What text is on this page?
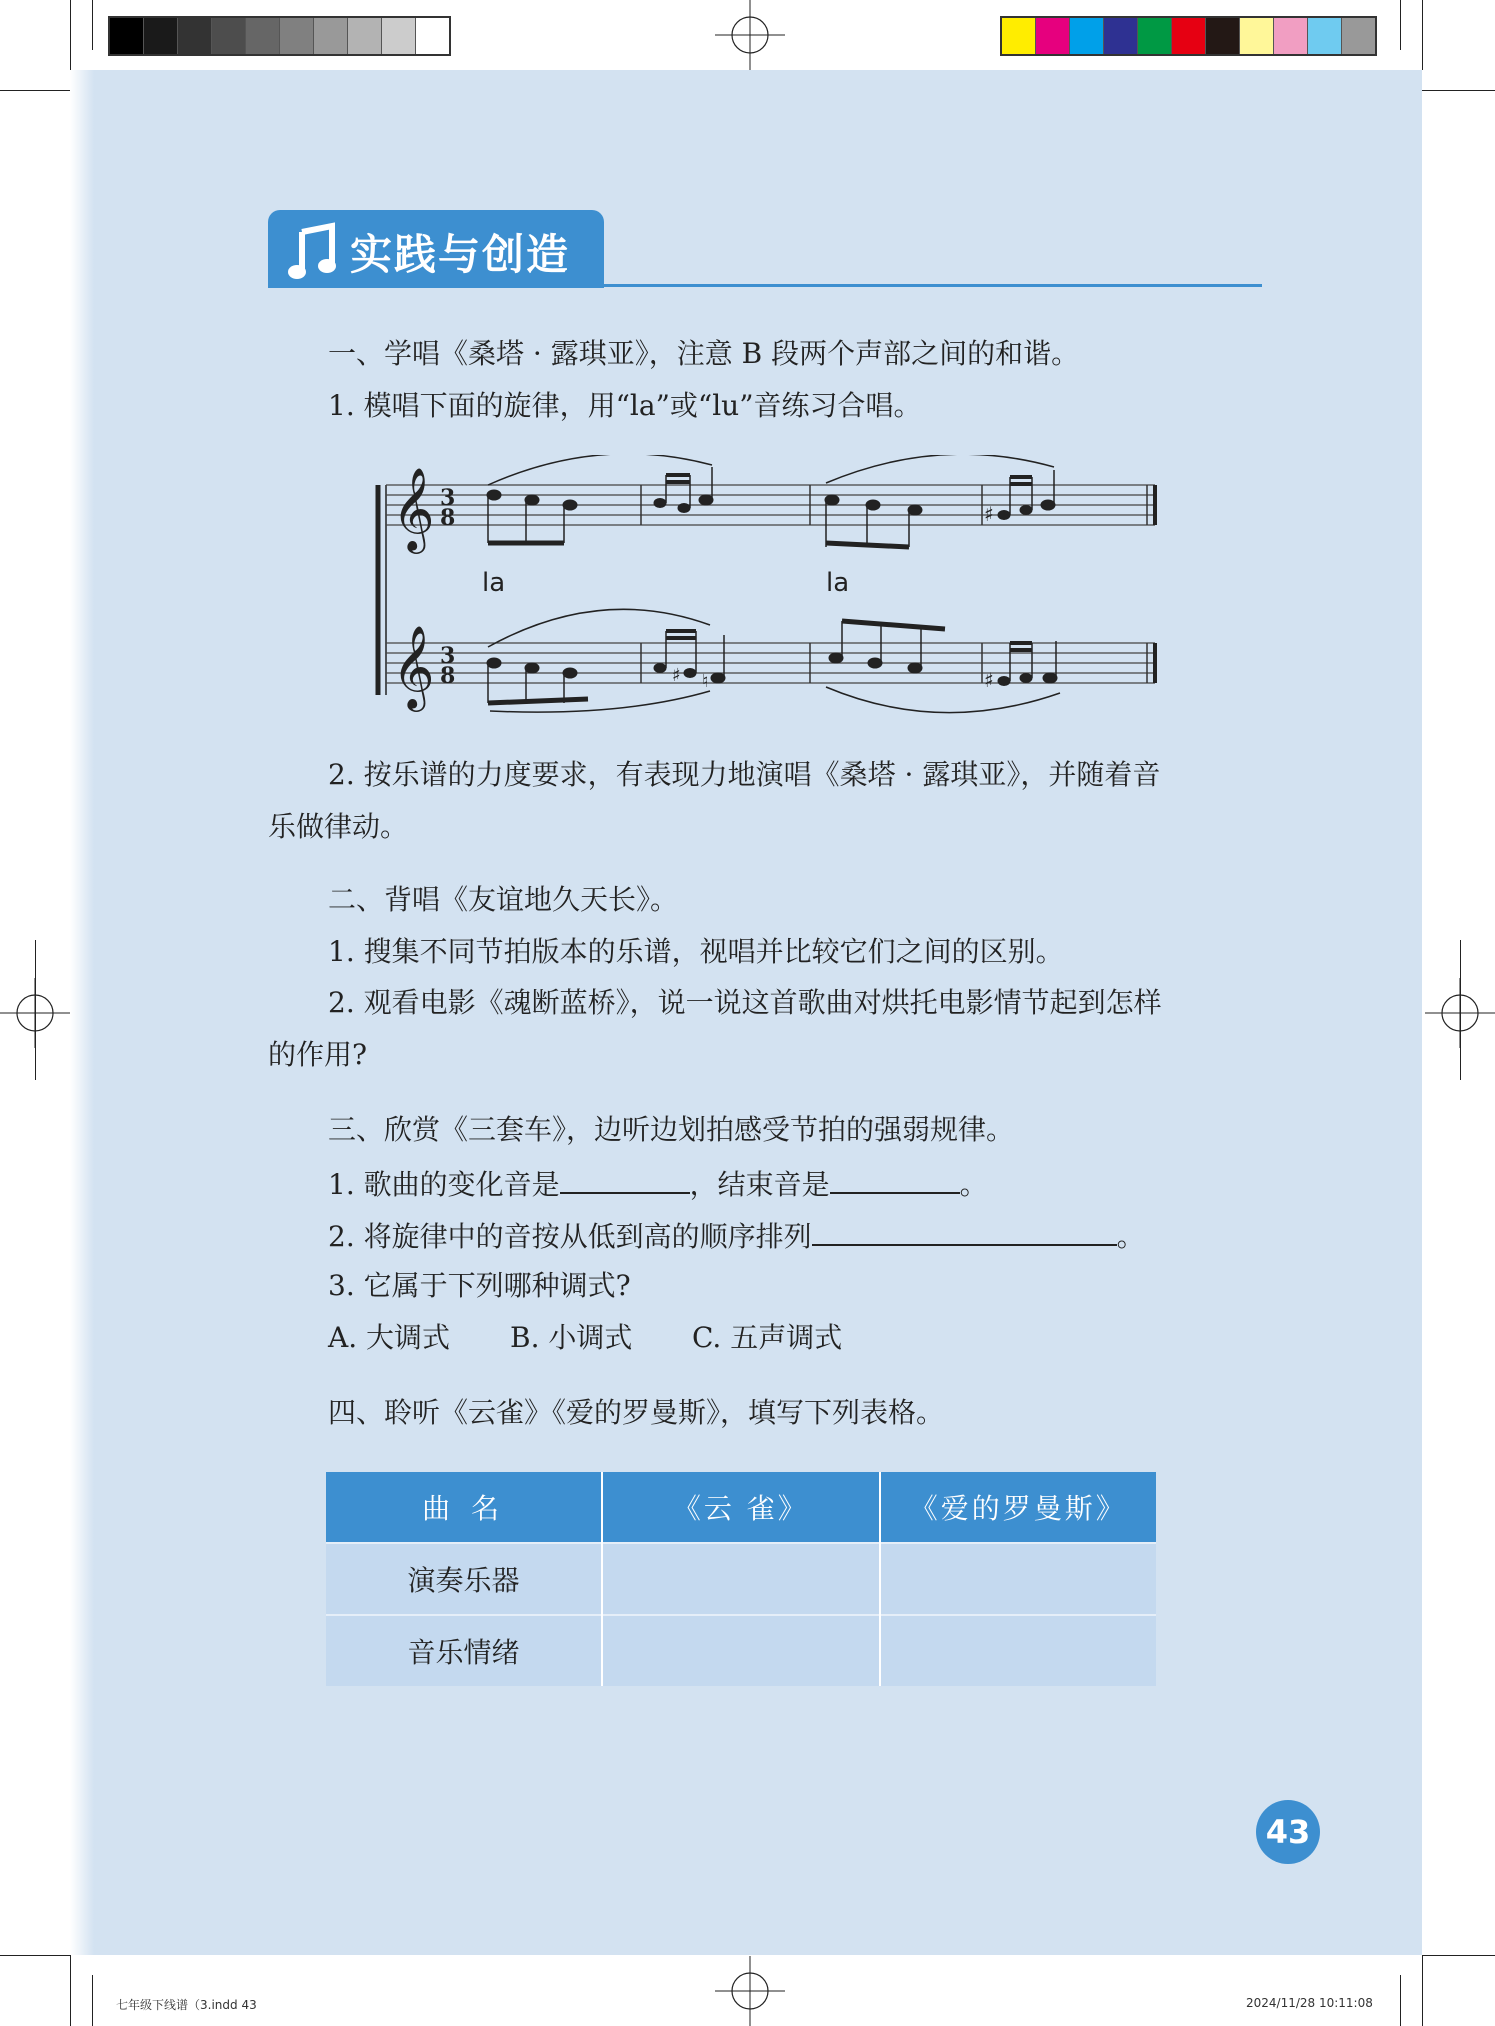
实践与创造
一、学唱《桑塔 · 露琪亚》，注意 B 段两个声部之间的和谐。
1. 模唱下面的旋律，用“la”或“lu”音练习合唱。
𝄞
𝄞
3
8
3
8
♯
la	la
♯ ♮	♯
2. 按乐谱的力度要求，有表现力地演唱《桑塔 · 露琪亚》，并随着音
乐做律动。
二、背唱《友谊地久天长》。
1. 搜集不同节拍版本的乐谱，视唱并比较它们之间的区别。
2. 观看电影《魂断蓝桥》，说一说这首歌曲对烘托电影情节起到怎样
的作用?
三、欣赏《三套车》，边听边划拍感受节拍的强弱规律。
1. 歌曲的变化音是	，结束音是	。
2. 将旋律中的音按从低到高的顺序排列	。
3. 它属于下列哪种调式?
A. 大调式 B. 小调式 C. 五声调式
四、聆听《云雀》《爱的罗曼斯》，填写下列表格。
曲 名	《云 雀》	《爱的罗曼斯》
演奏乐器		
音乐情绪		
43
七年级下线谱（3.indd 43	2024/11/28 10:11:08
